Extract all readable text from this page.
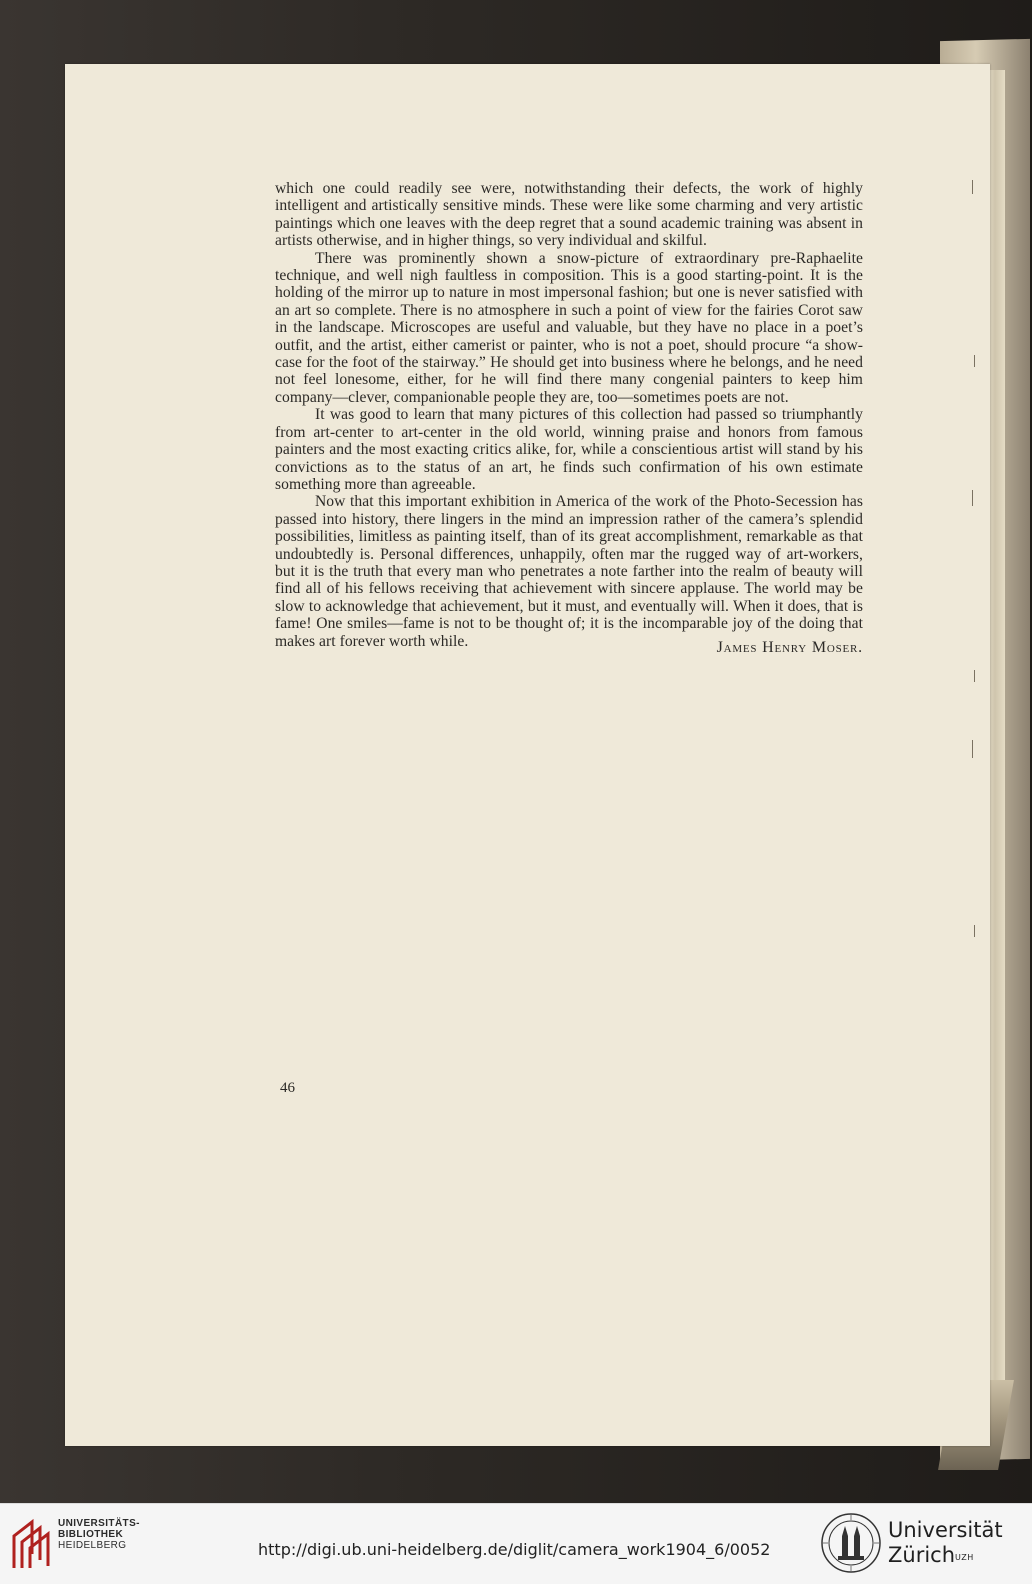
which one could readily see were, notwithstanding their defects, the work of highly intelligent and artistically sensitive minds. These were like some charming and very artistic paintings which one leaves with the deep regret that a sound academic training was absent in artists otherwise, and in higher things, so very individual and skilful.

There was prominently shown a snow-picture of extraordinary pre-Raphaelite technique, and well nigh faultless in composition. This is a good starting-point. It is the holding of the mirror up to nature in most impersonal fashion; but one is never satisfied with an art so complete. There is no atmosphere in such a point of view for the fairies Corot saw in the landscape. Microscopes are useful and valuable, but they have no place in a poet’s outfit, and the artist, either camerist or painter, who is not a poet, should procure “a show-case for the foot of the stairway.” He should get into business where he belongs, and he need not feel lonesome, either, for he will find there many congenial painters to keep him company—clever, companionable people they are, too—sometimes poets are not.

It was good to learn that many pictures of this collection had passed so triumphantly from art-center to art-center in the old world, winning praise and honors from famous painters and the most exacting critics alike, for, while a conscientious artist will stand by his convictions as to the status of an art, he finds such confirmation of his own estimate something more than agreeable.

Now that this important exhibition in America of the work of the Photo-Secession has passed into history, there lingers in the mind an impression rather of the camera’s splendid possibilities, limitless as painting itself, than of its great accomplishment, remarkable as that undoubtedly is. Personal differences, unhappily, often mar the rugged way of art-workers, but it is the truth that every man who penetrates a note farther into the realm of beauty will find all of his fellows receiving that achievement with sincere applause. The world may be slow to acknowledge that achievement, but it must, and eventually will. When it does, that is fame! One smiles—fame is not to be thought of; it is the incomparable joy of the doing that makes art forever worth while.	James Henry Moser.
46
UNIVERSITÄTS-
BIBLIOTHEK
HEIDELBERG	http://digi.ub.uni-heidelberg.de/diglit/camera_work1904_6/0052
Universität
Zürich$^{UZH}$
